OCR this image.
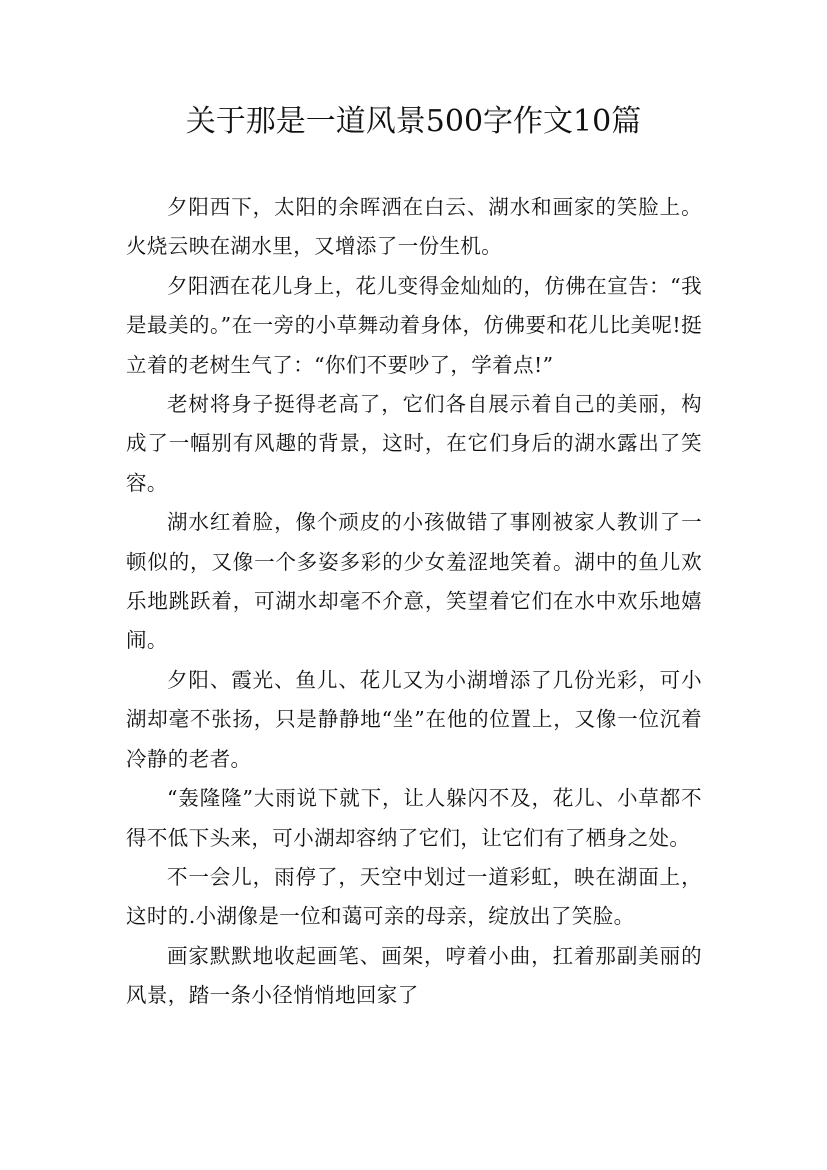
关于那是一道风景500字作文10篇

夕阳西下，太阳的余晖洒在白云、湖水和画家的笑脸上。火烧云映在湖水里，又增添了一份生机。

夕阳洒在花儿身上，花儿变得金灿灿的，仿佛在宣告：“我是最美的。”在一旁的小草舞动着身体，仿佛要和花儿比美呢!挺立着的老树生气了：“你们不要吵了，学着点!”

老树将身子挺得老高了，它们各自展示着自己的美丽，构成了一幅别有风趣的背景，这时，在它们身后的湖水露出了笑容。

湖水红着脸，像个顽皮的小孩做错了事刚被家人教训了一顿似的，又像一个多姿多彩的少女羞涩地笑着。湖中的鱼儿欢乐地跳跃着，可湖水却毫不介意，笑望着它们在水中欢乐地嬉闹。

夕阳、霞光、鱼儿、花儿又为小湖增添了几份光彩，可小湖却毫不张扬，只是静静地“坐”在他的位置上，又像一位沉着冷静的老者。

“轰隆隆”大雨说下就下，让人躲闪不及，花儿、小草都不得不低下头来，可小湖却容纳了它们，让它们有了栖身之处。

不一会儿，雨停了，天空中划过一道彩虹，映在湖面上，这时的.小湖像是一位和蔼可亲的母亲，绽放出了笑脸。

画家默默地收起画笔、画架，哼着小曲，扛着那副美丽的风景，踏一条小径悄悄地回家了
